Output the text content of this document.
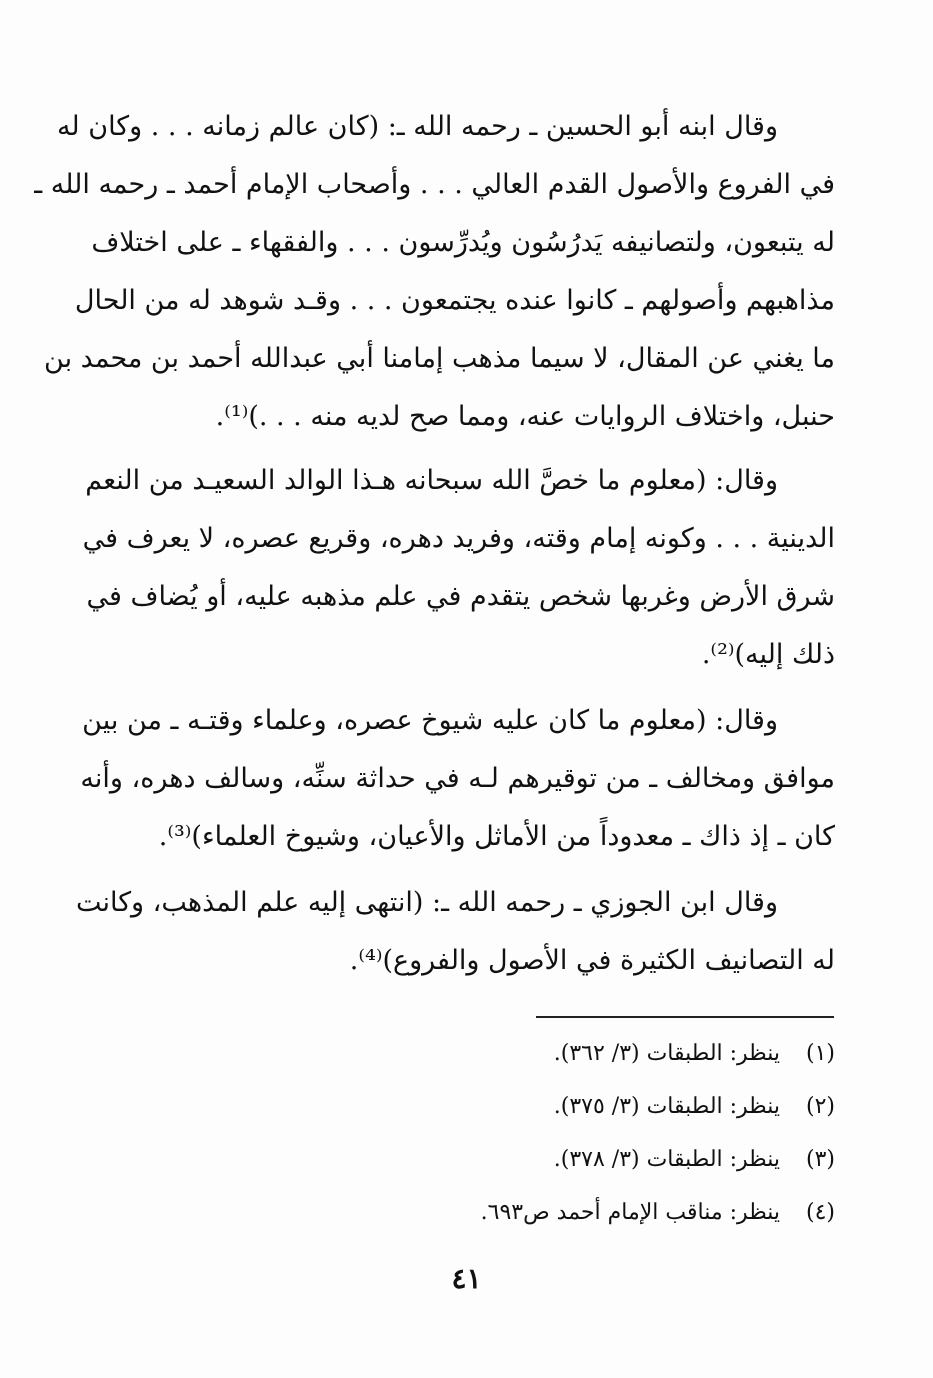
وقال ابنه أبو الحسين ـ رحمه الله ـ: (كان عالم زمانه . . . وكان له
في الفروع والأصول القدم العالي . . . وأصحاب الإمام أحمد ـ رحمه الله ـ
له يتبعون، ولتصانيفه يَدرُسُون ويُدرِّسون . . . والفقهاء ـ على اختلاف
مذاهبهم وأصولهم ـ كانوا عنده يجتمعون . . . وقـد شوهد له من الحال
ما يغني عن المقال، لا سيما مذهب إمامنا أبي عبدالله أحمد بن محمد بن
حنبل، واختلاف الروايات عنه، ومما صح لديه منه . . .)⁽¹⁾.
وقال: (معلوم ما خصَّ الله سبحانه هـذا الوالد السعيـد من النعم
الدينية . . . وكونه إمام وقته، وفريد دهره، وقريع عصره، لا يعرف في
شرق الأرض وغربها شخص يتقدم في علم مذهبه عليه، أو يُضاف في
ذلك إليه)⁽²⁾.
وقال: (معلوم ما كان عليه شيوخ عصره، وعلماء وقتـه ـ من بين
موافق ومخالف ـ من توقيرهم لـه في حداثة سنِّه، وسالف دهره، وأنه
كان ـ إذ ذاك ـ معدوداً من الأماثل والأعيان، وشيوخ العلماء)⁽³⁾.
وقال ابن الجوزي ـ رحمه الله ـ: (انتهى إليه علم المذهب، وكانت
له التصانيف الكثيرة في الأصول والفروع)⁽⁴⁾.
(١) ينظر: الطبقات (٣/ ٣٦٢).
(٢) ينظر: الطبقات (٣/ ٣٧٥).
(٣) ينظر: الطبقات (٣/ ٣٧٨).
(٤) ينظر: مناقب الإمام أحمد ص٦٩٣.
٤١
